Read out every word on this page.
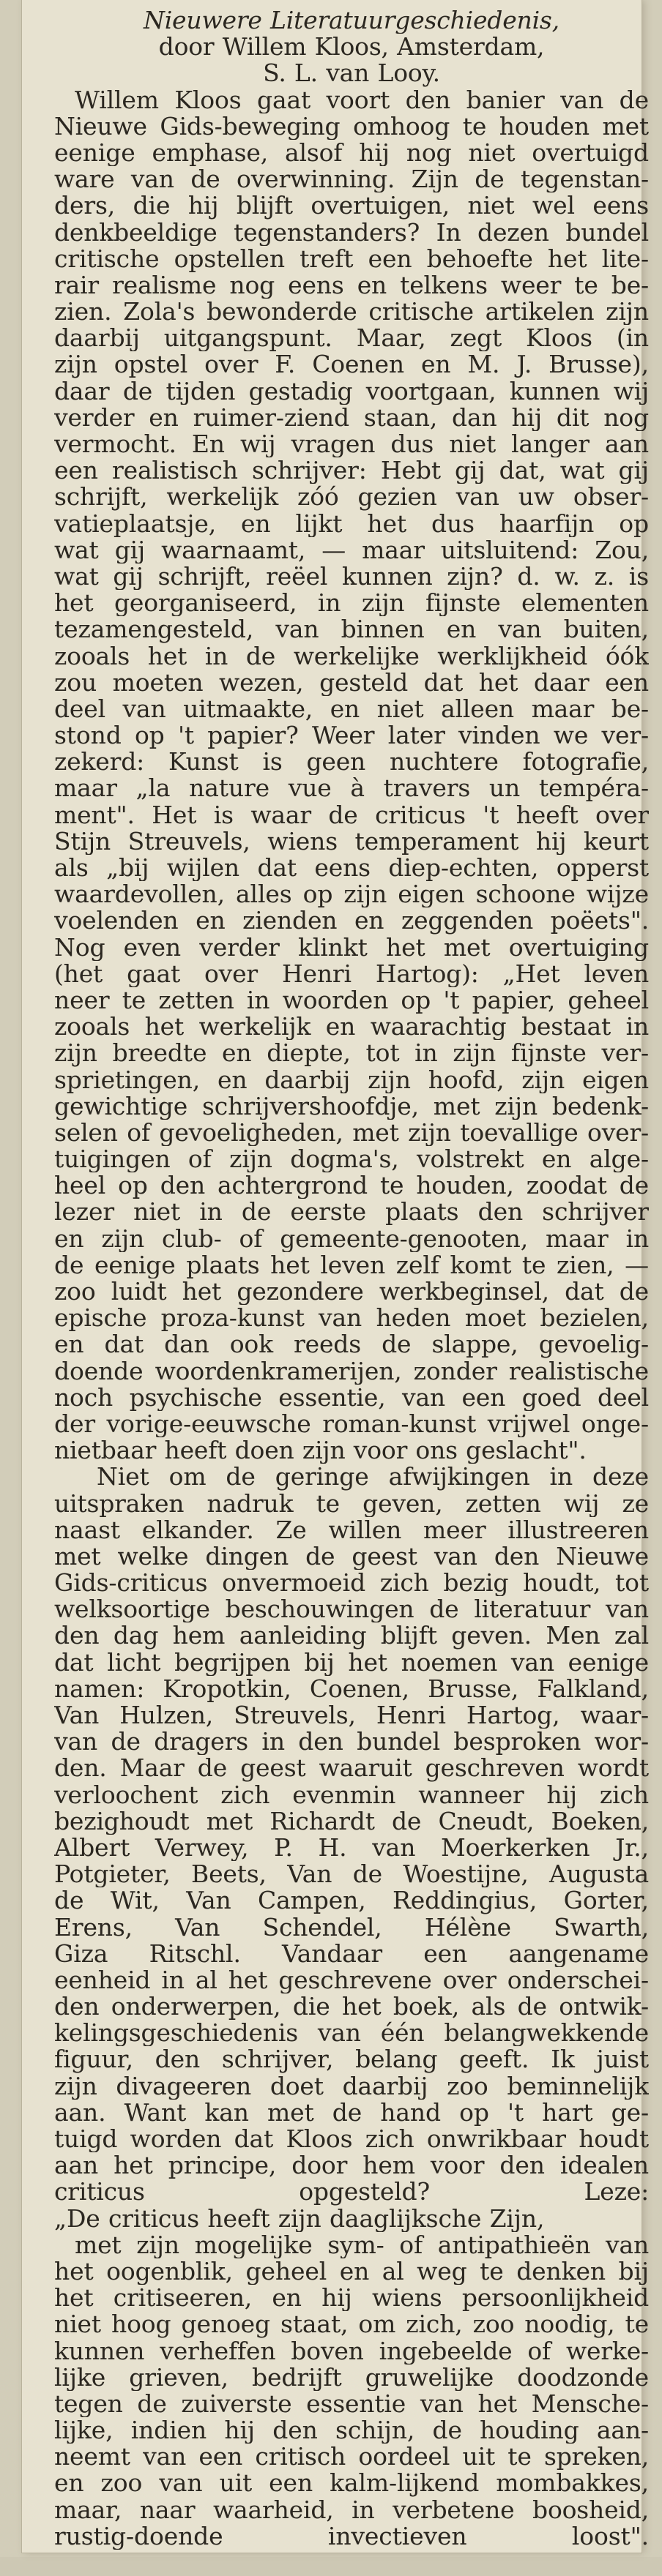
Nieuwere Literatuurgeschiedenis,
door Willem Kloos, Amsterdam,
S. L. van Looy.
Willem Kloos gaat voort den banier van de
Nieuwe Gids-beweging omhoog te houden met
eenige emphase, alsof hij nog niet overtuigd
ware van de overwinning. Zijn de tegenstan-
ders, die hij blijft overtuigen, niet wel eens
denkbeeldige tegenstanders? In dezen bundel
critische opstellen treft een behoefte het lite-
rair realisme nog eens en telkens weer te be-
zien. Zola's bewonderde critische artikelen zijn
daarbij uitgangspunt. Maar, zegt Kloos (in
zijn opstel over F. Coenen en M. J. Brusse),
daar de tijden gestadig voortgaan, kunnen wij
verder en ruimer-ziend staan, dan hij dit nog
vermocht. En wij vragen dus niet langer aan
een realistisch schrijver: Hebt gij dat, wat gij
schrijft, werkelijk zóó gezien van uw obser-
vatieplaatsje, en lijkt het dus haarfijn op
wat gij waarnaamt, — maar uitsluitend: Zou,
wat gij schrijft, reëel kunnen zijn? d. w. z. is
het georganiseerd, in zijn fijnste elementen
tezamengesteld, van binnen en van buiten,
zooals het in de werkelijke werklijkheid óók
zou moeten wezen, gesteld dat het daar een
deel van uitmaakte, en niet alleen maar be-
stond op 't papier? Weer later vinden we ver-
zekerd: Kunst is geen nuchtere fotografie,
maar „la nature vue à travers un tempéra-
ment". Het is waar de criticus 't heeft over
Stijn Streuvels, wiens temperament hij keurt
als „bij wijlen dat eens diep-echten, opperst
waardevollen, alles op zijn eigen schoone wijze
voelenden en zienden en zeggenden poëets".
Nog even verder klinkt het met overtuiging
(het gaat over Henri Hartog): „Het leven
neer te zetten in woorden op 't papier, geheel
zooals het werkelijk en waarachtig bestaat in
zijn breedte en diepte, tot in zijn fijnste ver-
sprietingen, en daarbij zijn hoofd, zijn eigen
gewichtige schrijvershoofdje, met zijn bedenk-
selen of gevoeligheden, met zijn toevallige over-
tuigingen of zijn dogma's, volstrekt en alge-
heel op den achtergrond te houden, zoodat de
lezer niet in de eerste plaats den schrijver
en zijn club- of gemeente-genooten, maar in
de eenige plaats het leven zelf komt te zien, —
zoo luidt het gezondere werkbeginsel, dat de
epische proza-kunst van heden moet bezielen,
en dat dan ook reeds de slappe, gevoelig-
doende woordenkramerijen, zonder realistische
noch psychische essentie, van een goed deel
der vorige-eeuwsche roman-kunst vrijwel onge-
nietbaar heeft doen zijn voor ons geslacht".
Niet om de geringe afwijkingen in deze
uitspraken nadruk te geven, zetten wij ze
naast elkander. Ze willen meer illustreeren
met welke dingen de geest van den Nieuwe
Gids-criticus onvermoeid zich bezig houdt, tot
welksoortige beschouwingen de literatuur van
den dag hem aanleiding blijft geven. Men zal
dat licht begrijpen bij het noemen van eenige
namen: Kropotkin, Coenen, Brusse, Falkland,
Van Hulzen, Streuvels, Henri Hartog, waar-
van de dragers in den bundel besproken wor-
den. Maar de geest waaruit geschreven wordt
verloochent zich evenmin wanneer hij zich
bezighoudt met Richardt de Cneudt, Boeken,
Albert Verwey, P. H. van Moerkerken Jr.,
Potgieter, Beets, Van de Woestijne, Augusta
de Wit, Van Campen, Reddingius, Gorter,
Erens, Van Schendel, Hélène Swarth,
Giza Ritschl. Vandaar een aangename
eenheid in al het geschrevene over onderschei-
den onderwerpen, die het boek, als de ontwik-
kelingsgeschiedenis van één belangwekkende
figuur, den schrijver, belang geeft. Ik juist
zijn divageeren doet daarbij zoo beminnelijk
aan. Want kan met de hand op 't hart ge-
tuigd worden dat Kloos zich onwrikbaar houdt
aan het principe, door hem voor den idealen
criticus opgesteld? Leze:
„De criticus heeft zijn daaglijksche Zijn,
met zijn mogelijke sym- of antipathieën van
het oogenblik, geheel en al weg te denken bij
het critiseeren, en hij wiens persoonlijkheid
niet hoog genoeg staat, om zich, zoo noodig, te
kunnen verheffen boven ingebeelde of werke-
lijke grieven, bedrijft gruwelijke doodzonde
tegen de zuiverste essentie van het Mensche-
lijke, indien hij den schijn, de houding aan-
neemt van een critisch oordeel uit te spreken,
en zoo van uit een kalm-lijkend mombakkes,
maar, naar waarheid, in verbetene boosheid,
rustig-doende invectieven loost".
